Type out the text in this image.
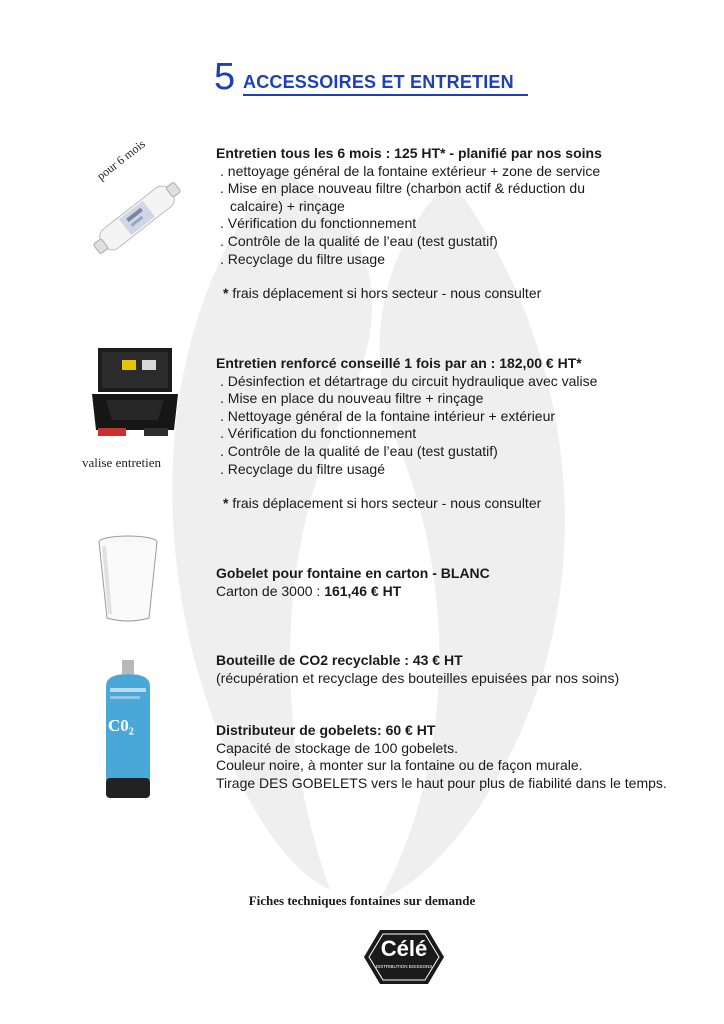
5 ACCESSOIRES ET ENTRETIEN
pour 6 mois
valise entretien
C0₂
Entretien tous les 6 mois : 125 HT* - planifié par nos soins
. nettoyage général de la fontaine extérieur + zone de service
. Mise en place nouveau filtre (charbon actif & réduction du
calcaire) + rinçage
. Vérification du fonctionnement
. Contrôle de la qualité de l’eau (test gustatif)
. Recyclage du filtre usage
* frais déplacement si hors secteur - nous consulter
Entretien renforcé conseillé 1 fois par an : 182,00 € HT*
. Désinfection et détartrage du circuit hydraulique avec valise
. Mise en place du nouveau filtre + rinçage
. Nettoyage général de la fontaine intérieur + extérieur
. Vérification du fonctionnement
. Contrôle de la qualité de l’eau (test gustatif)
. Recyclage du filtre usagé
* frais déplacement si hors secteur - nous consulter
Gobelet pour fontaine en carton - BLANC
Carton de 3000 : 161,46 € HT
Bouteille de CO2 recyclable : 43 € HT
(récupération et recyclage des bouteilles epuisées par nos soins)
Distributeur de gobelets: 60 € HT
Capacité de stockage de 100 gobelets.
Couleur noire, à monter sur la fontaine ou de façon murale.
Tirage DES GOBELETS vers le haut pour plus de fiabilité dans le temps.
Fiches techniques fontaines sur demande
Célé
DISTRIBUTION BOISSONS
